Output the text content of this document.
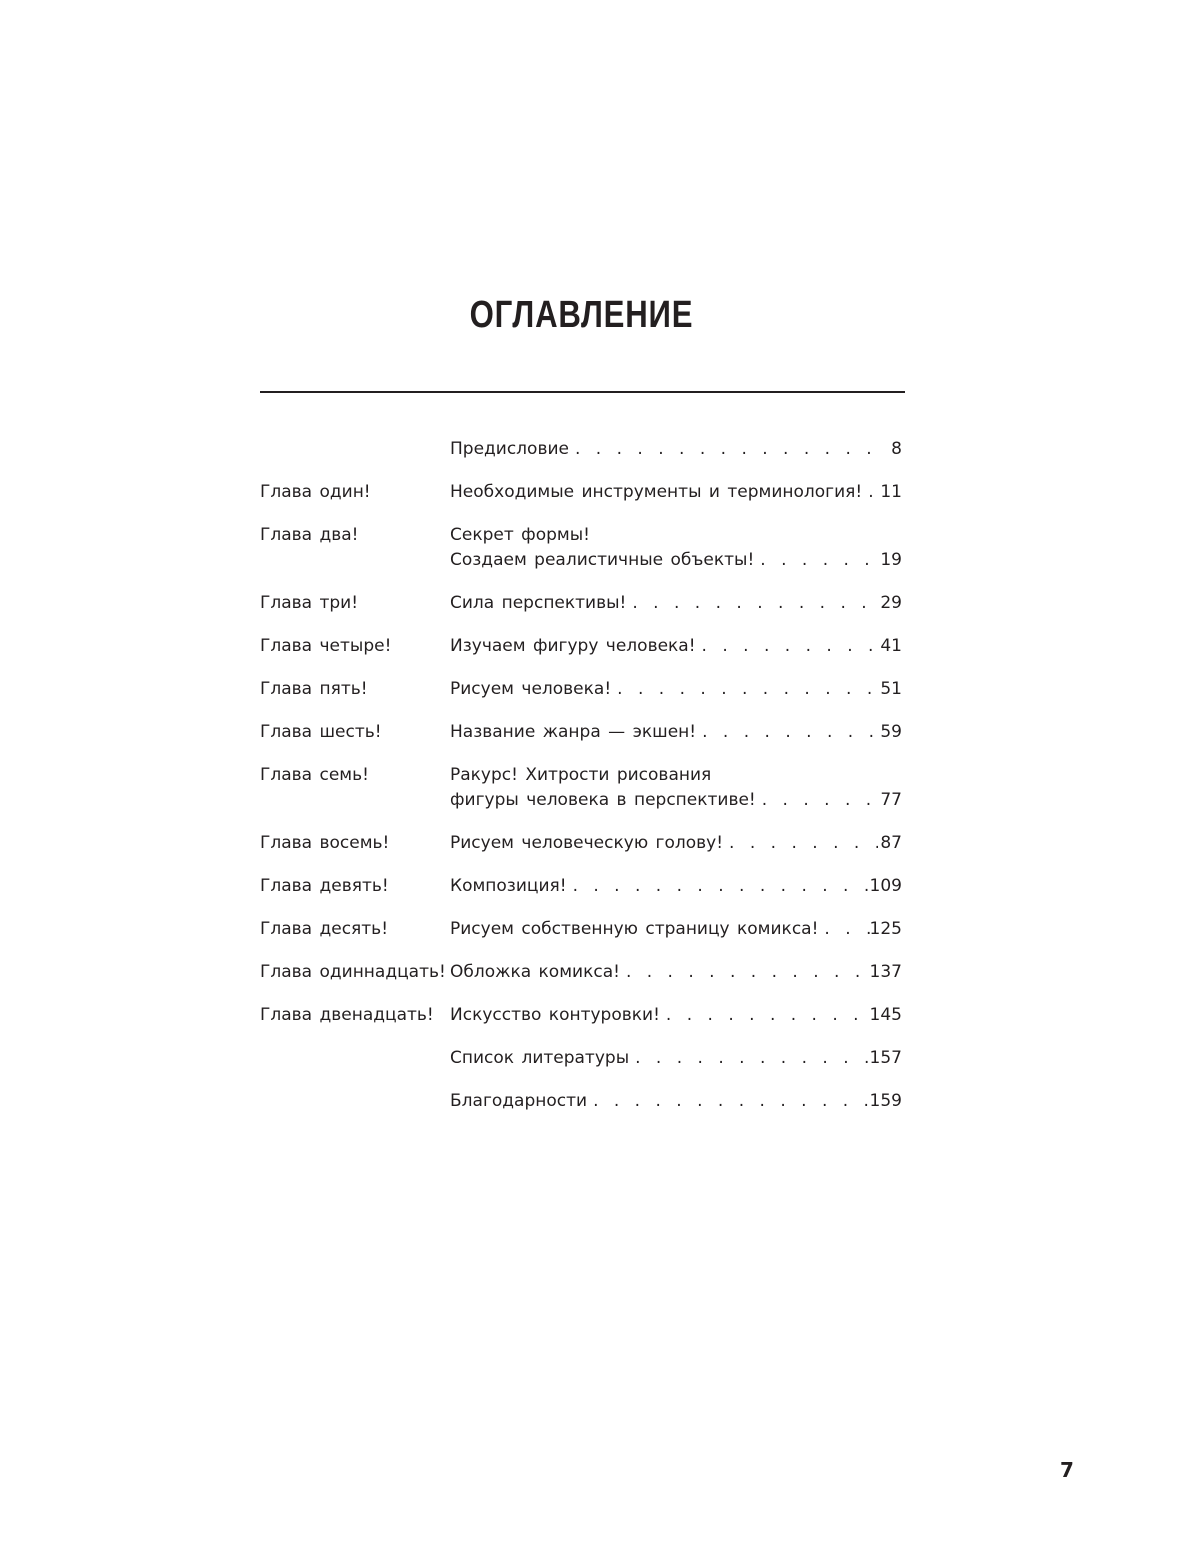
ОГЛАВЛЕНИЕ
Предисловие . . .	8
Глава один!	Необходимые инструменты и терминология! . . . 11
Глава два!	Секрет формы!
Создаем реалистичные объекты! . . .	19
Глава три!	Сила перспективы! . . .	29
Глава четыре!	Изучаем фигуру человека! . . .	41
Глава пять!	Рисуем человека! . . .	51
Глава шесть!	Название жанра — экшен! . . .	59
Глава семь!	Ракурс! Хитрости рисования
фигуры человека в перспективе! . . .	77
Глава восемь!	Рисуем человеческую голову! . . .	87
Глава девять!	Композиция! . . .	109
Глава десять!	Рисуем собственную страницу комикса! . . .	125
Глава одиннадцать! Обложка комикса! . . .	137
Глава двенадцать! Искусство контуровки! . . .	145
Список литературы . . .	157
Благодарности . . .	159
7
